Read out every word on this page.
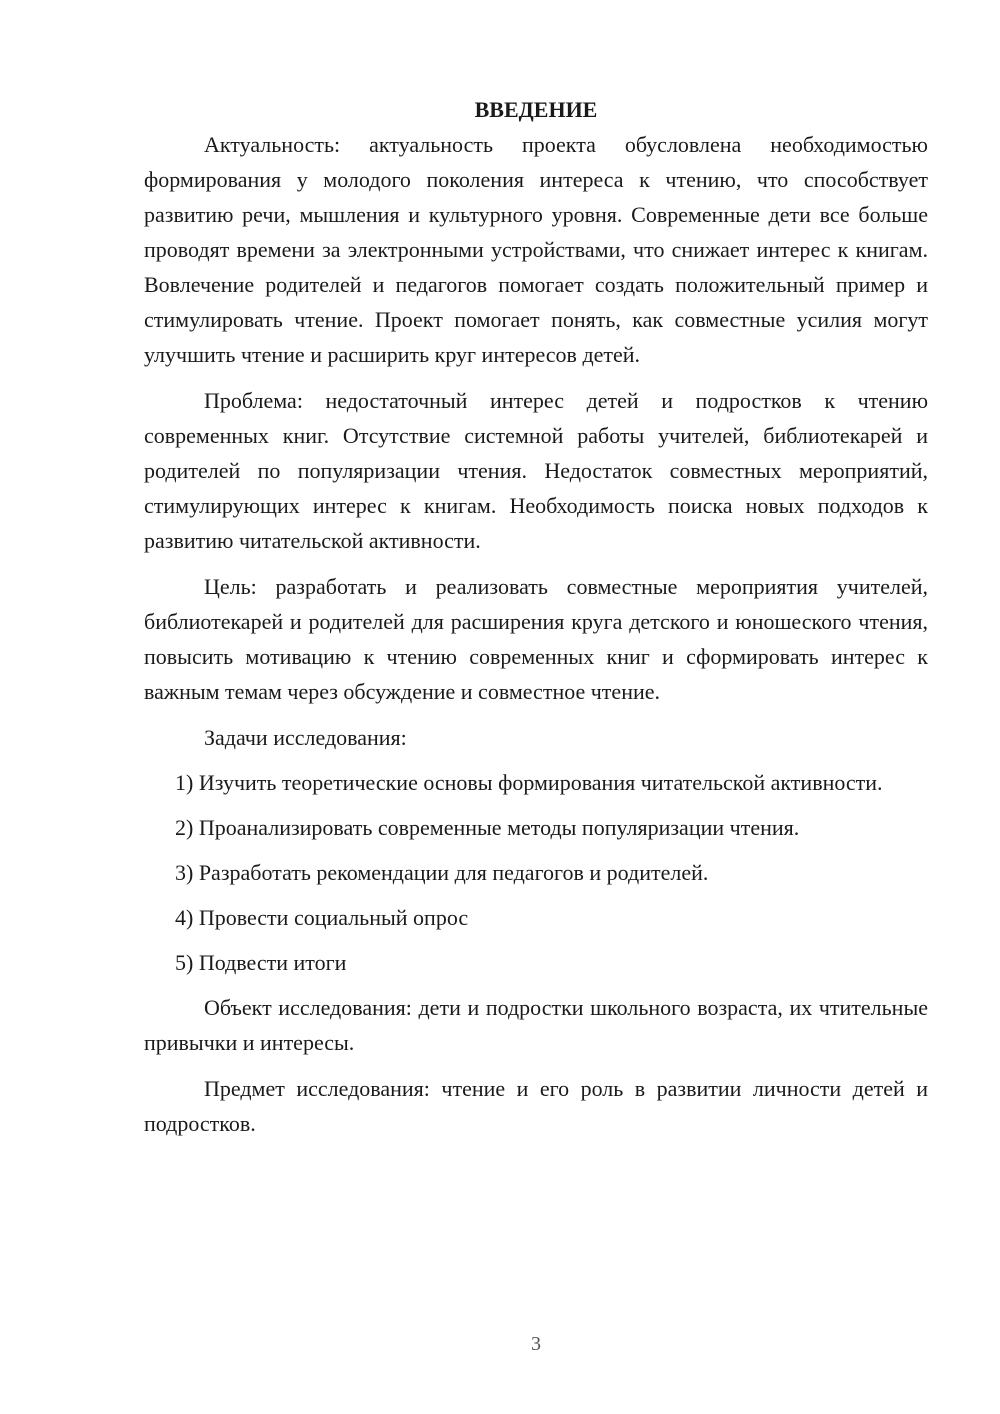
ВВЕДЕНИЕ

Актуальность: актуальность проекта обусловлена необходимостью формирования у молодого поколения интереса к чтению, что способствует развитию речи, мышления и культурного уровня. Современные дети все больше проводят времени за электронными устройствами, что снижает интерес к книгам. Вовлечение родителей и педагогов помогает создать положительный пример и стимулировать чтение. Проект помогает понять, как совместные усилия могут улучшить чтение и расширить круг интересов детей.

Проблема: недостаточный интерес детей и подростков к чтению современных книг. Отсутствие системной работы учителей, библиотекарей и родителей по популяризации чтения. Недостаток совместных мероприятий, стимулирующих интерес к книгам. Необходимость поиска новых подходов к развитию читательской активности.

Цель: разработать и реализовать совместные мероприятия учителей, библиотекарей и родителей для расширения круга детского и юношеского чтения, повысить мотивацию к чтению современных книг и сформировать интерес к важным темам через обсуждение и совместное чтение.

Задачи исследования:

1) Изучить теоретические основы формирования читательской активности.

2) Проанализировать современные методы популяризации чтения.

3) Разработать рекомендации для педагогов и родителей.

4) Провести социальный опрос

5) Подвести итоги

Объект исследования: дети и подростки школьного возраста, их чтительные привычки и интересы.

Предмет исследования: чтение и его роль в развитии личности детей и подростков.

3
